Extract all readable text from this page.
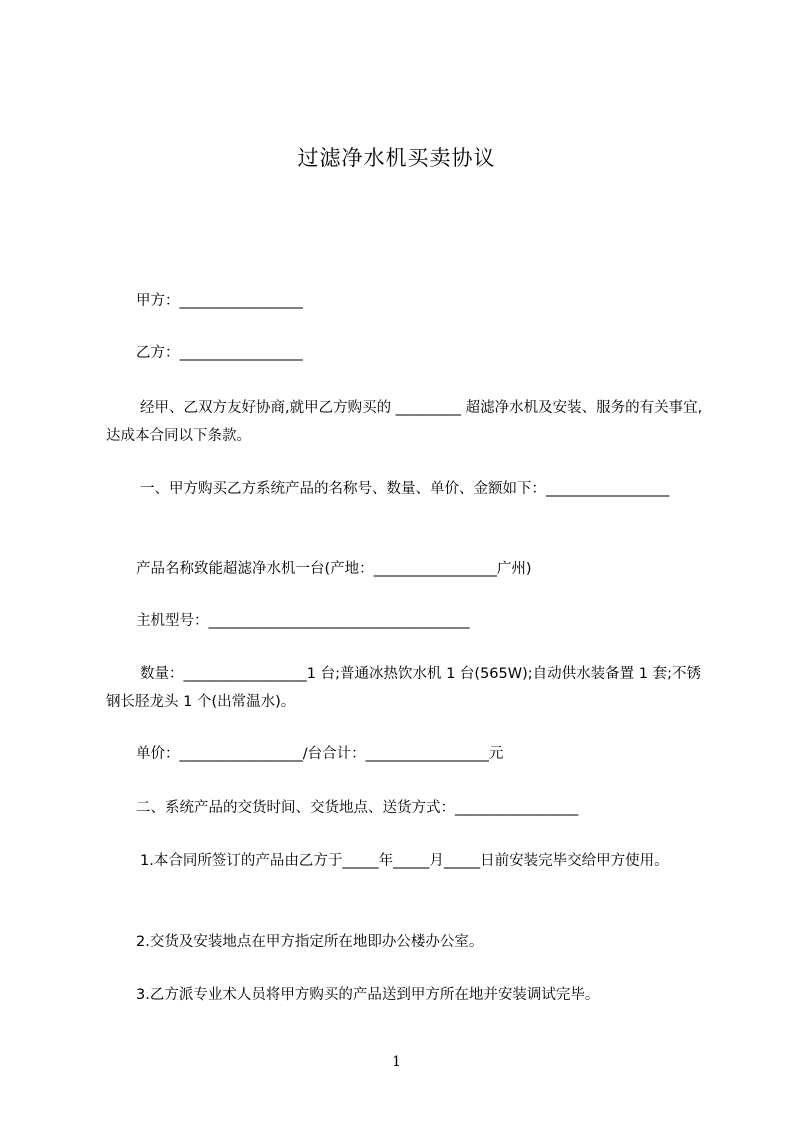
过滤净水机买卖协议
甲方：_________________
乙方：_________________
经甲、乙双方友好协商,就甲乙方购买的 _________ 超滤净水机及安装、服务的有关事宜,达成本合同以下条款。
一、甲方购买乙方系统产品的名称号、数量、单价、金额如下：_________________
产品名称致能超滤净水机一台(产地：_________________广州)
主机型号：____________________________________
数量：_________________1 台;普通冰热饮水机 1 台(565W);自动供水装备置 1 套;不锈钢长胫龙头 1 个(出常温水)。
单价：_________________/台合计：_________________元
二、系统产品的交货时间、交货地点、送货方式：_________________
1.本合同所签订的产品由乙方于_____年_____月_____日前安装完毕交给甲方使用。
2.交货及安装地点在甲方指定所在地即办公楼办公室。
3.乙方派专业术人员将甲方购买的产品送到甲方所在地并安装调试完毕。
1
